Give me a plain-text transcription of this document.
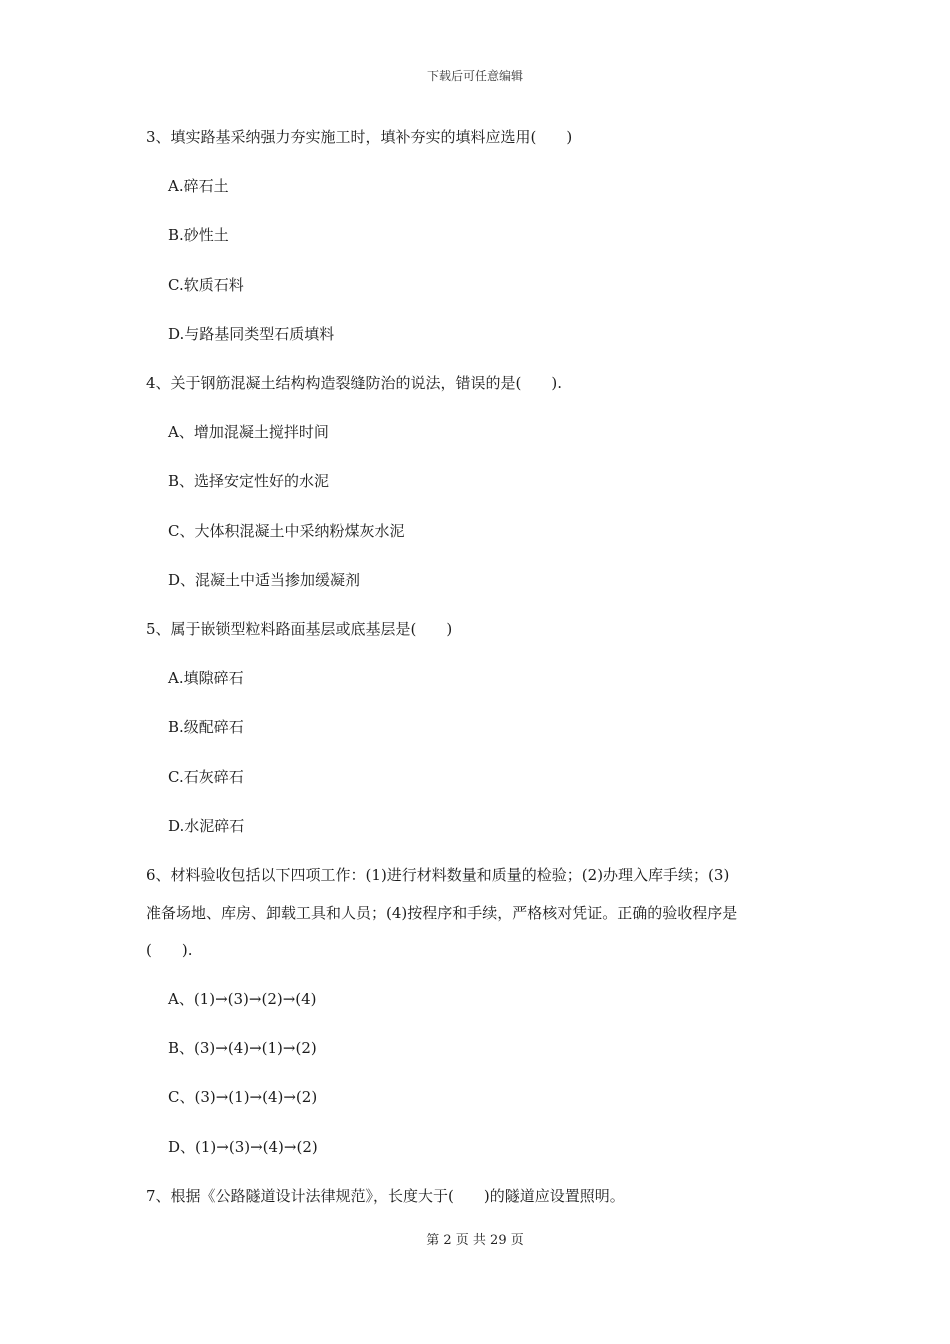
下载后可任意编辑
3、填实路基采纳强力夯实施工时，填补夯实的填料应选用(　　)
A.碎石土
B.砂性土
C.软质石料
D.与路基同类型石质填料
4、关于钢筋混凝土结构构造裂缝防治的说法，错误的是(　　).
A、增加混凝土搅拌时间
B、选择安定性好的水泥
C、大体积混凝土中采纳粉煤灰水泥
D、混凝土中适当掺加缓凝剂
5、属于嵌锁型粒料路面基层或底基层是(　　)
A.填隙碎石
B.级配碎石
C.石灰碎石
D.水泥碎石
6、材料验收包括以下四项工作：(1)进行材料数量和质量的检验；(2)办理入库手续；(3)
准备场地、库房、卸载工具和人员；(4)按程序和手续，严格核对凭证。正确的验收程序是
(　　).
A、(1)→(3)→(2)→(4)
B、(3)→(4)→(1)→(2)
C、(3)→(1)→(4)→(2)
D、(1)→(3)→(4)→(2)
7、根据《公路隧道设计法律规范》，长度大于(　　)的隧道应设置照明。
第 2 页 共 29 页
